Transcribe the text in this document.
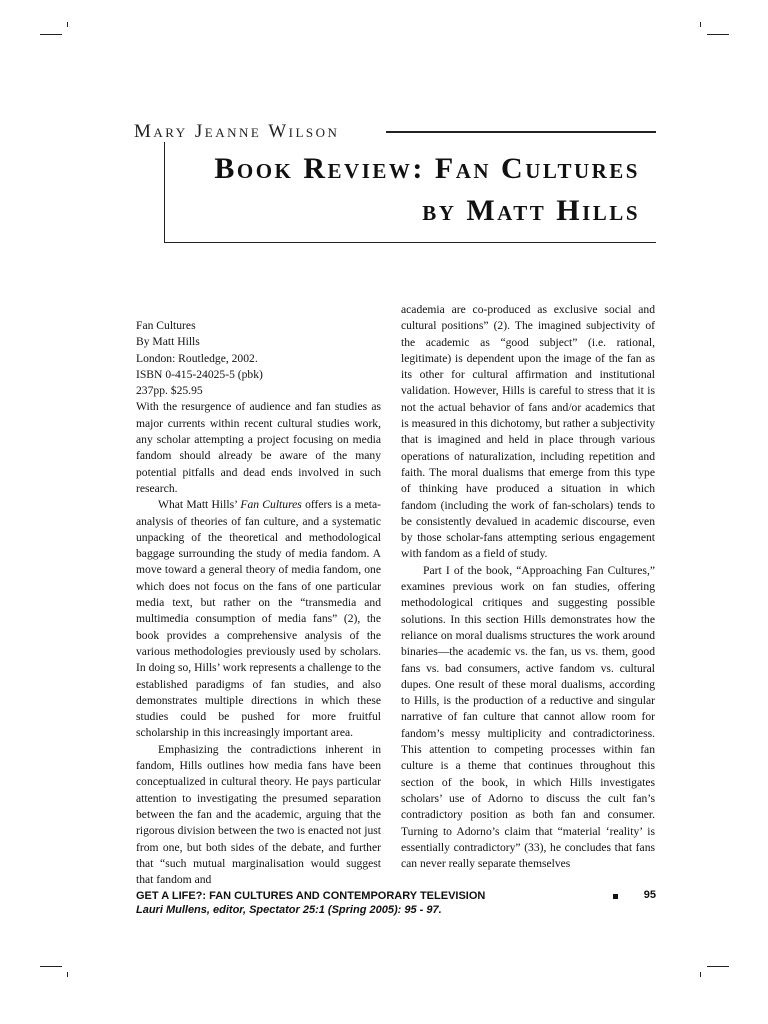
Mary Jeanne Wilson
Book Review: Fan Cultures
by Matt Hills

Fan Cultures
By Matt Hills
London: Routledge, 2002.
ISBN 0-415-24025-5 (pbk)
237pp. $25.95

With the resurgence of audience and fan studies as major currents within recent cultural studies work, any scholar attempting a project focusing on media fandom should already be aware of the many potential pitfalls and dead ends involved in such research.

What Matt Hills’ Fan Cultures offers is a meta-analysis of theories of fan culture, and a systematic unpacking of the theoretical and methodological baggage surrounding the study of media fandom. A move toward a general theory of media fandom, one which does not focus on the fans of one particular media text, but rather on the “transmedia and multimedia consumption of media fans” (2), the book provides a comprehensive analysis of the various methodologies previously used by scholars. In doing so, Hills’ work represents a challenge to the established paradigms of fan studies, and also demonstrates multiple directions in which these studies could be pushed for more fruitful scholarship in this increasingly important area.

Emphasizing the contradictions inherent in fandom, Hills outlines how media fans have been conceptualized in cultural theory. He pays particular attention to investigating the presumed separation between the fan and the academic, arguing that the rigorous division between the two is enacted not just from one, but both sides of the debate, and further that “such mutual marginalisation would suggest that fandom and

academia are co-produced as exclusive social and cultural positions” (2). The imagined subjectivity of the academic as “good subject” (i.e. rational, legitimate) is dependent upon the image of the fan as its other for cultural affirmation and institutional validation. However, Hills is careful to stress that it is not the actual behavior of fans and/or academics that is measured in this dichotomy, but rather a subjectivity that is imagined and held in place through various operations of naturalization, including repetition and faith. The moral dualisms that emerge from this type of thinking have produced a situation in which fandom (including the work of fan-scholars) tends to be consistently devalued in academic discourse, even by those scholar-fans attempting serious engagement with fandom as a field of study.

Part I of the book, “Approaching Fan Cultures,” examines previous work on fan studies, offering methodological critiques and suggesting possible solutions. In this section Hills demonstrates how the reliance on moral dualisms structures the work around binaries—the academic vs. the fan, us vs. them, good fans vs. bad consumers, active fandom vs. cultural dupes. One result of these moral dualisms, according to Hills, is the production of a reductive and singular narrative of fan culture that cannot allow room for fandom’s messy multiplicity and contradictoriness. This attention to competing processes within fan culture is a theme that continues throughout this section of the book, in which Hills investigates scholars’ use of Adorno to discuss the cult fan’s contradictory position as both fan and consumer. Turning to Adorno’s claim that “material ‘reality’ is essentially contradictory” (33), he concludes that fans can never really separate themselves

GET A LIFE?: FAN CULTURES AND CONTEMPORARY TELEVISION
Lauri Mullens, editor, Spectator 25:1 (Spring 2005): 95 - 97.
95
